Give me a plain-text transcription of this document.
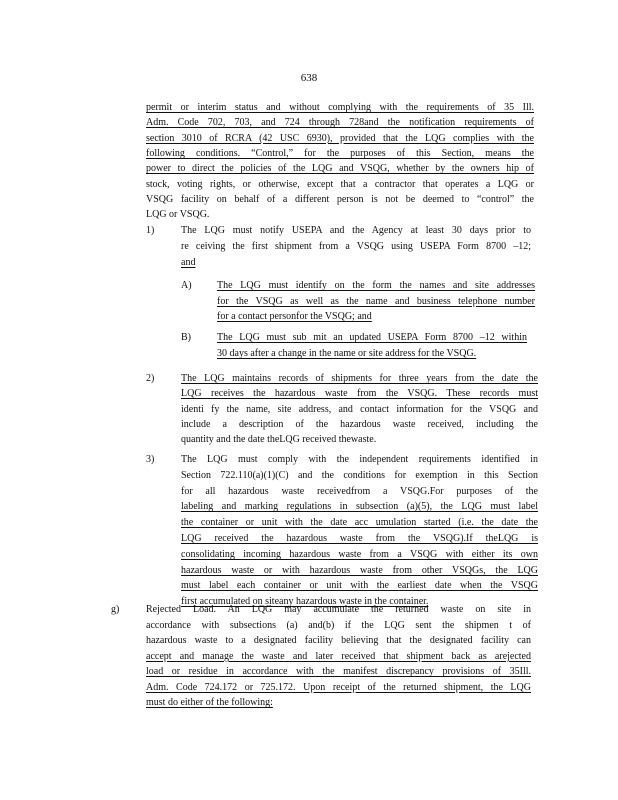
638
permit or interim status and without complying with the requirements of 35 Ill.
Adm. Code 702, 703, and 724 through 728and the notification requirements of
section 3010 of RCRA (42 USC 6930), provided that the LQG complies with the
following conditions. “Control,” for the purposes of this Section, means the
power to direct the policies of the LQG and VSQG, whether by the owners hip of
stock, voting rights, or otherwise, except that a contractor that operates a LQG or
VSQG facility on behalf of a different person is not be deemed to “control” the
LQG or VSQG.
1)	The LQG must notify USEPA and the Agency at least 30 days prior to
re ceiving the first shipment from a VSQG using USEPA Form 8700 –12;
and
A)	The LQG must identify on the form the names and site addresses
for the VSQG as well as the name and business telephone number
for a contact personfor the VSQG; and
B)	The LQG must sub mit an updated USEPA Form 8700 –12 within
30 days after a change in the name or site address for the VSQG.
2)	The LQG maintains records of shipments for three years from the date the
LQG receives the hazardous waste from the VSQG. These records must
identi fy the name, site address, and contact information for the VSQG and
include a description of the hazardous waste received, including the
quantity and the date theLQG received thewaste.
3)	The LQG must comply with the independent requirements identified in
Section 722.110(a)(1)(C) and the conditions for exemption in this Section
for all hazardous waste receivedfrom a VSQG.For purposes of the
labeling and marking regulations in subsection (a)(5), the LQG must label
the container or unit with the date acc umulation started (i.e. the date the
LQG received the hazardous waste from the VSQG).If theLQG is
consolidating incoming hazardous waste from a VSQG with either its own
hazardous waste or with hazardous waste from other VSQGs, the LQG
must label each container or unit with the earliest date when the VSQG
first accumulated on siteany hazardous waste in the container.
g)	Rejected Load. An LQG may accumulate the returned waste on site in
accordance with subsections (a) and(b) if the LQG sent the shipmen t of
hazardous waste to a designated facility believing that the designated facility can
accept and manage the waste and later received that shipment back as arejected
load or residue in accordance with the manifest discrepancy provisions of 35Ill.
Adm. Code 724.172 or 725.172. Upon receipt of the returned shipment, the LQG
must do either of the following:
